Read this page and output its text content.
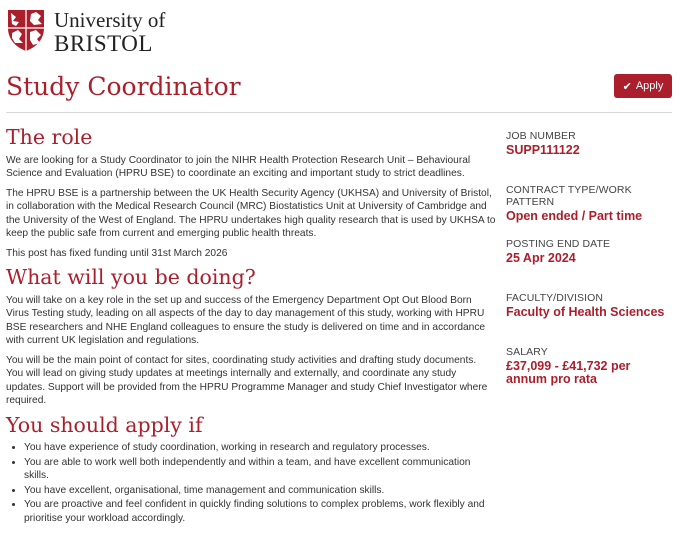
University of
BRISTOL
Study Coordinator	✔ Apply
The role

We are looking for a Study Coordinator to join the NIHR Health Protection Research Unit – Behavioural Science and Evaluation (HPRU BSE) to coordinate an exciting and important study to strict deadlines.

The HPRU BSE is a partnership between the UK Health Security Agency (UKHSA) and University of Bristol, in collaboration with the Medical Research Council (MRC) Biostatistics Unit at University of Cambridge and the University of the West of England. The HPRU undertakes high quality research that is used by UKHSA to keep the public safe from current and emerging public health threats.

This post has fixed funding until 31st March 2026

What will you be doing?

You will take on a key role in the set up and success of the Emergency Department Opt Out Blood Born Virus Testing study, leading on all aspects of the day to day management of this study, working with HPRU BSE researchers and NHE England colleagues to ensure the study is delivered on time and in accordance with current UK legislation and regulations.

You will be the main point of contact for sites, coordinating study activities and drafting study documents. You will lead on giving study updates at meetings internally and externally, and coordinate any study updates. Support will be provided from the HPRU Programme Manager and study Chief Investigator where required.

You should apply if
• You have experience of study coordination, working in research and regulatory processes.
• You are able to work well both independently and within a team, and have excellent communication skills.
• You have excellent, organisational, time management and communication skills.
• You are proactive and feel confident in quickly finding solutions to complex problems, work flexibly and prioritise your workload accordingly.
JOB NUMBER
SUPP111122
CONTRACT TYPE/WORK PATTERN
Open ended / Part time
POSTING END DATE
25 Apr 2024
FACULTY/DIVISION
Faculty of Health Sciences
SALARY
£37,099 - £41,732 per annum pro rata
